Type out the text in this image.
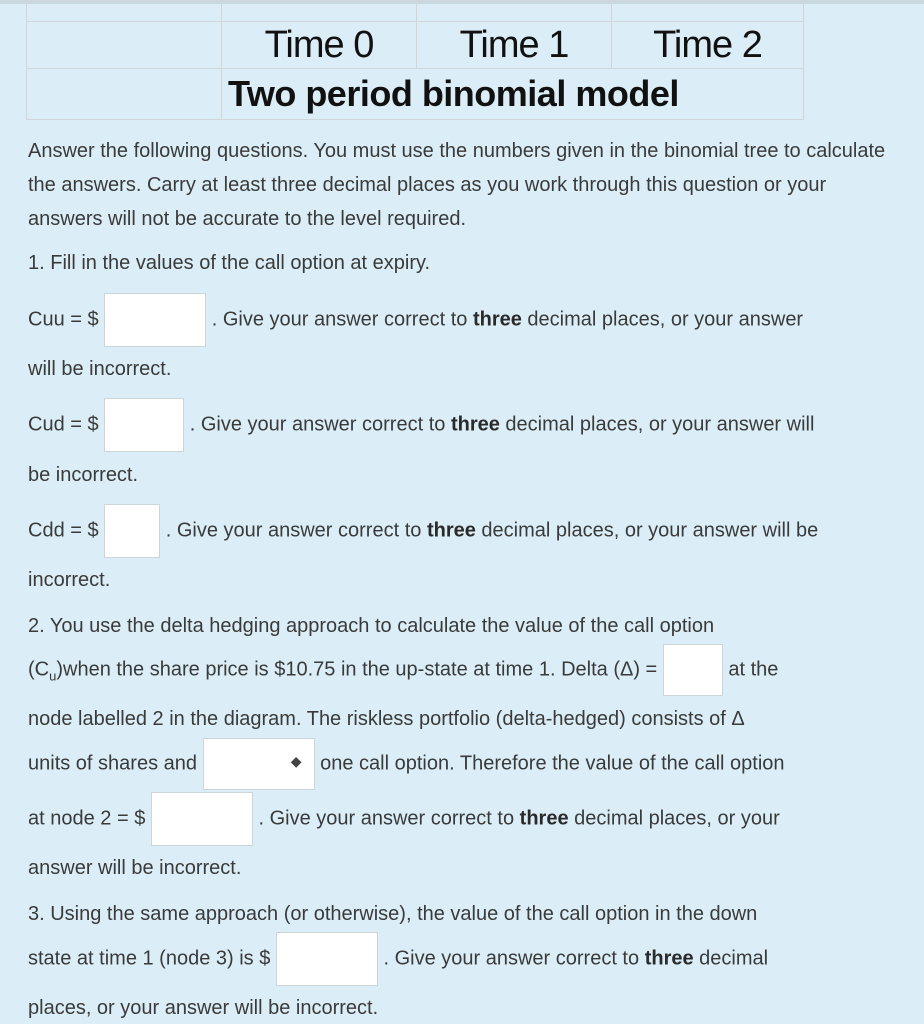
	Time 0	Time 1	Time 2
	Two period binomial model		

Answer the following questions. You must use the numbers given in the binomial tree to calculate the answers. Carry at least three decimal places as you work through this question or your answers will not be accurate to the level required.

1. Fill in the values of the call option at expiry.
Cuu = $	. Give your answer correct to three decimal places, or your answer
will be incorrect.
Cud = $	. Give your answer correct to three decimal places, or your answer will
be incorrect.
Cdd = $	. Give your answer correct to three decimal places, or your answer will be
incorrect.
2. You use the delta hedging approach to calculate the value of the call option
$(C_u)when$ the share price is $10.75 in the up-state at time 1. Delta (Δ) =	at the
node labelled 2 in the diagram. The riskless portfolio (delta-hedged) consists of Δ
units of shares and	◆ one call option. Therefore the value of the call option
at node 2 = $	. Give your answer correct to three decimal places, or your
answer will be incorrect.
3. Using the same approach (or otherwise), the value of the call option in the down
state at time 1 (node 3) is $	. Give your answer correct to three decimal
places, or your answer will be incorrect.
